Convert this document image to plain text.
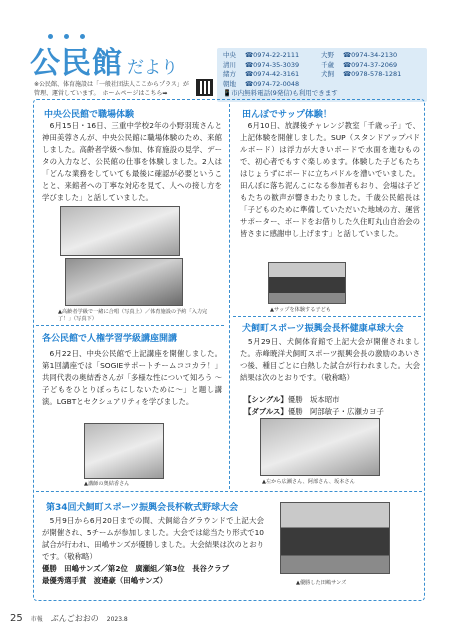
公民館 だより
※公民館、体育施設は「一般社団法人ここからプラス」が
管理、運営しています。　ホームページはこちら➡
中央	☎0974-22-2111	大野	☎0974-34-2130
清川	☎0974-35-3039	千歳	☎0974-37-2069
緒方	☎0974-42-3161	犬飼	☎0978-578-1281
朝地	☎0974-72-0048
📱市内無料電話(9発信)も利用できます
中央公民館で職場体験
　6月15日・16日、三重中学校2年の小野羽琉さんと神田美蓉さんが、中央公民館に職場体験のため、来館しました。高齢者学級へ参加、体育施設の見学、データの入力など、公民館の仕事を体験しました。2人は「どんな業務をしていても最後に確認が必要ということと、来館者への丁寧な対応を見て、人への接し方を学びました」と話していました。
▲高齢者学級で一緒に合唱（写真上）／体育施設の予約「入力完了！」（写真下）
田んぼでサップ体験！
　6月10日、放課後チャレンジ教室「千歳っ子」で、上記体験を開催しました。SUP（スタンドアップパドルボード）は浮力が大きいボードで水面を進むもので、初心者でもすぐ楽しめます。体験した子どもたちはじょうずにボードに立ちパドルを漕いでいました。田んぼに落ち泥んこになる参加者もおり、会場は子どもたちの歓声が響きわたりました。千歳公民館長は「子どものために準備していただいた地域の方、運営サポーター、ボードをお借りした久住町丸山自治会の皆さまに感謝申し上げます」と話していました。
▲サップを体験する子ども
各公民館で人権学習学級講座開講
　6月22日、中央公民館で上記講座を開催しました。第1回講座では「SOGIEサポートチームココカラ！」共同代表の奥結香さんが「多様な性について知ろう ～子どもをひとりぼっちにしないために～」と題し講演。LGBTとセクシュアリティを学びました。
▲講師の奥結香さん
犬飼町スポーツ振興会長杯健康卓球大会
　5月29日、犬飼体育館で上記大会が開催されました。赤峰暁洋犬飼町スポーツ振興会長の激励のあいさつ後、種目ごとに白熱した試合が行われました。大会結果は次のとおりです。（敬称略）
【シングル】優勝　坂本昭市
【ダブルス】優勝　阿部敏子・広瀬カヨ子
▲左から広瀬さん、阿部さん、坂本さん
第34回犬飼町スポーツ振興会長杯軟式野球大会
　5月9日から6月20日までの間、犬飼総合グラウンドで上記大会が開催され、5チームが参加しました。大会では総当たり形式で10試合が行われ、田嶋サンズが優勝しました。大会結果は次のとおりです。（敬称略）
優勝　田嶋サンズ／第2位　廣瀬組／第3位　長谷クラブ
最優秀選手賞　渡邉豪（田嶋サンズ）	▲優勝した田嶋サンズ
25 市報 ぶんごおおの 2023.8
